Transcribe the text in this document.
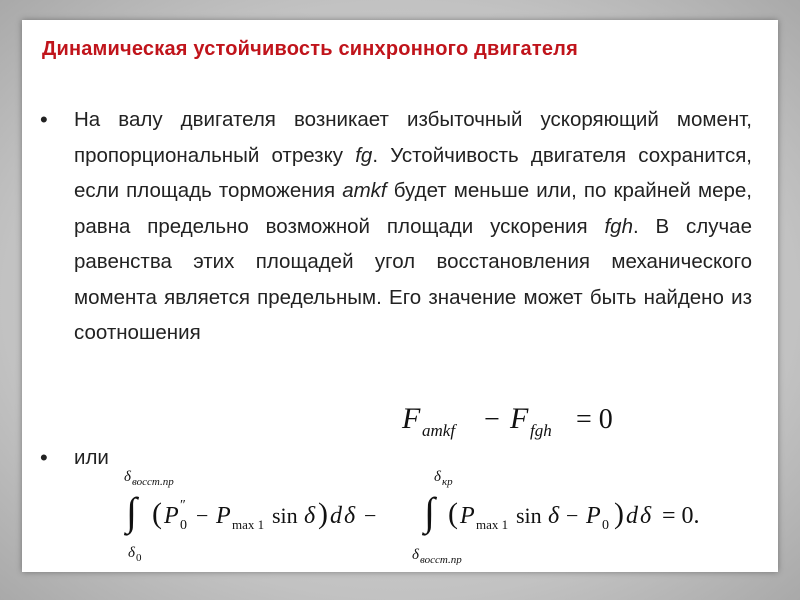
Динамическая устойчивость синхронного двигателя
•	На валу двигателя возникает избыточный ускоряющий момент, пропорциональный отрезку fg. Устойчивость двигателя сохранится, если площадь торможения amkf будет меньше или, по крайней мере, равна предельно возможной площади ускорения fgh. В случае равенства этих площадей угол восстановления механического момента является предельным. Его значение может быть найдено из соотношения
•	или
F amkf − F fgh = 0
δ восст.пр
∫
δ 0
( P ″
0 − P max 1 sin δ ) d δ −
δ кр
∫
δ восст.пр
( P max 1 sin δ − P 0 ) d δ = 0.
